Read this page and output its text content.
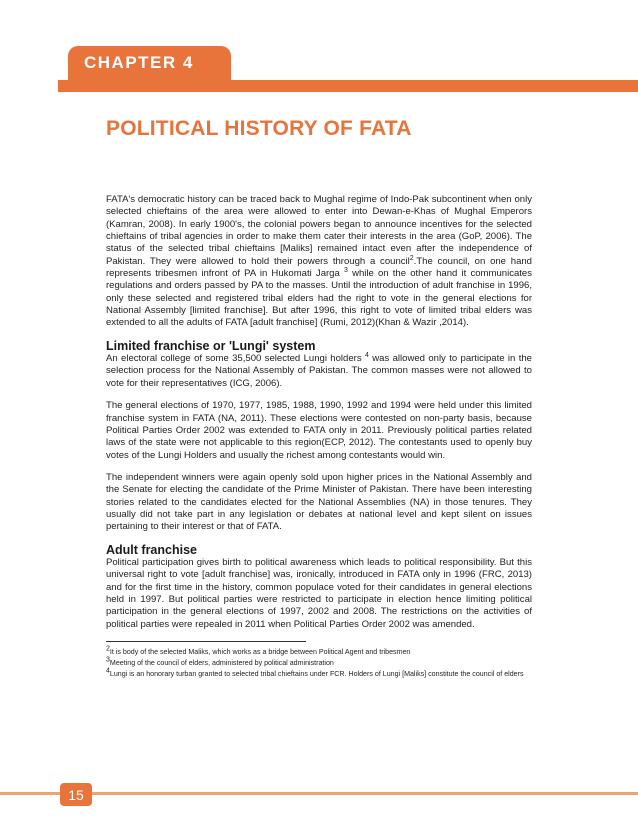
CHAPTER 4
POLITICAL HISTORY OF FATA

FATA's democratic history can be traced back to Mughal regime of Indo-Pak subcontinent when only selected chieftains of the area were allowed to enter into Dewan-e-Khas of Mughal Emperors (Kamran, 2008). In early 1900's, the colonial powers began to announce incentives for the selected chieftains of tribal agencies in order to make them cater their interests in the area (GoP, 2006). The status of the selected tribal chieftains [Maliks] remained intact even after the independence of Pakistan. They were allowed to hold their powers through a council$^2$.The council, on one hand represents tribesmen infront of PA in Hukomati Jarga $^3$ while on the other hand it communicates regulations and orders passed by PA to the masses. Until the introduction of adult franchise in 1996, only these selected and registered tribal elders had the right to vote in the general elections for National Assembly [limited franchise]. But after 1996, this right to vote of limited tribal elders was extended to all the adults of FATA [adult franchise] (Rumi, 2012)(Khan & Wazir ,2014).

Limited franchise or 'Lungi' system

An electoral college of some 35,500 selected Lungi holders $^4$ was allowed only to participate in the selection process for the National Assembly of Pakistan. The common masses were not allowed to vote for their representatives (ICG, 2006).

The general elections of 1970, 1977, 1985, 1988, 1990, 1992 and 1994 were held under this limited franchise system in FATA (NA, 2011). These elections were contested on non-party basis, because Political Parties Order 2002 was extended to FATA only in 2011. Previously political parties related laws of the state were not applicable to this region(ECP, 2012). The contestants used to openly buy votes of the Lungi Holders and usually the richest among contestants would win.

The independent winners were again openly sold upon higher prices in the National Assembly and the Senate for electing the candidate of the Prime Minister of Pakistan. There have been interesting stories related to the candidates elected for the National Assemblies (NA) in those tenures. They usually did not take part in any legislation or debates at national level and kept silent on issues pertaining to their interest or that of FATA.

Adult franchise

Political participation gives birth to political awareness which leads to political responsibility. But this universal right to vote [adult franchise] was, ironically, introduced in FATA only in 1996 (FRC, 2013) and for the first time in the history, common populace voted for their candidates in general elections held in 1997. But political parties were restricted to participate in election hence limiting political participation in the general elections of 1997, 2002 and 2008. The restrictions on the activities of political parties were repealed in 2011 when Political Parties Order 2002 was amended.

$^2$It is body of the selected Maliks, which works as a bridge between Political Agent and tribesmen
$^3$Meeting of the council of elders, administered by political administration
$^4$Lungi is an honorary turban granted to selected tribal chieftains under FCR. Holders of Lungi [Maliks] constitute the council of elders
15
